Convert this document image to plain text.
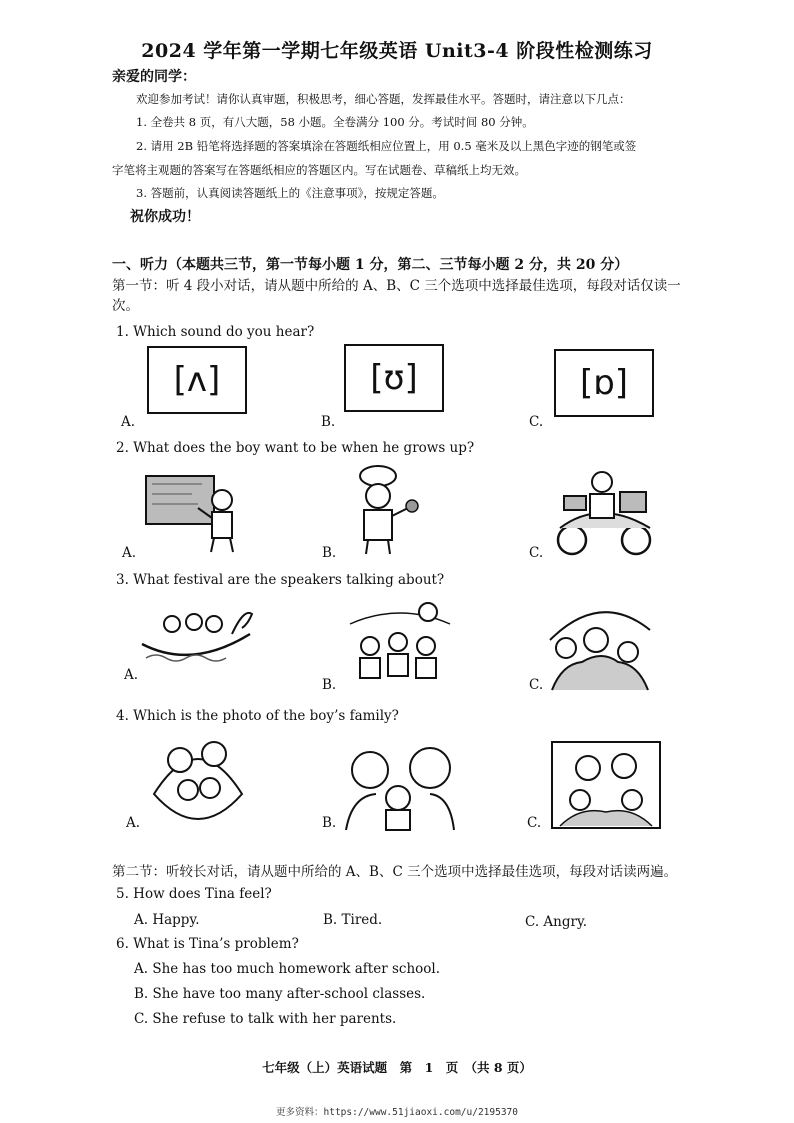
2024 学年第一学期七年级英语 Unit3-4 阶段性检测练习
亲爱的同学：
欢迎参加考试！请你认真审题，积极思考，细心答题，发挥最佳水平。答题时，请注意以下几点：
1. 全卷共 8 页，有八大题，58 小题。全卷满分 100 分。考试时间 80 分钟。
2. 请用 2B 铅笔将选择题的答案填涂在答题纸相应位置上，用 0.5 毫米及以上黑色字迹的钢笔或签
字笔将主观题的答案写在答题纸相应的答题区内。写在试题卷、草稿纸上均无效。
3. 答题前，认真阅读答题纸上的《注意事项》，按规定答题。
祝你成功！
一、听力（本题共三节，第一节每小题 1 分，第二、三节每小题 2 分，共 20 分）
第一节：听 4 段小对话，请从题中所给的 A、B、C 三个选项中选择最佳选项，每段对话仅读一
次。
1. Which sound do you hear?
[ʌ]	[ʊ]	[ɒ]
A.	B.	C.
2. What does the boy want to be when he grows up?
A.	B.	C.
3. What festival are the speakers talking about?
A.
B.	C.
4. Which is the photo of the boy’s family?
A.	B.	C.
第二节：听较长对话，请从题中所给的 A、B、C 三个选项中选择最佳选项，每段对话读两遍。
5. How does Tina feel?
A. Happy.	B. Tired.	C. Angry.
6. What is Tina’s problem?
A. She has too much homework after school.
B. She have too many after-school classes.
C. She refuse to talk with her parents.
七年级（上）英语试题　第　1　页　（共 8 页）
更多资料：https://www.51jiaoxi.com/u/2195370
